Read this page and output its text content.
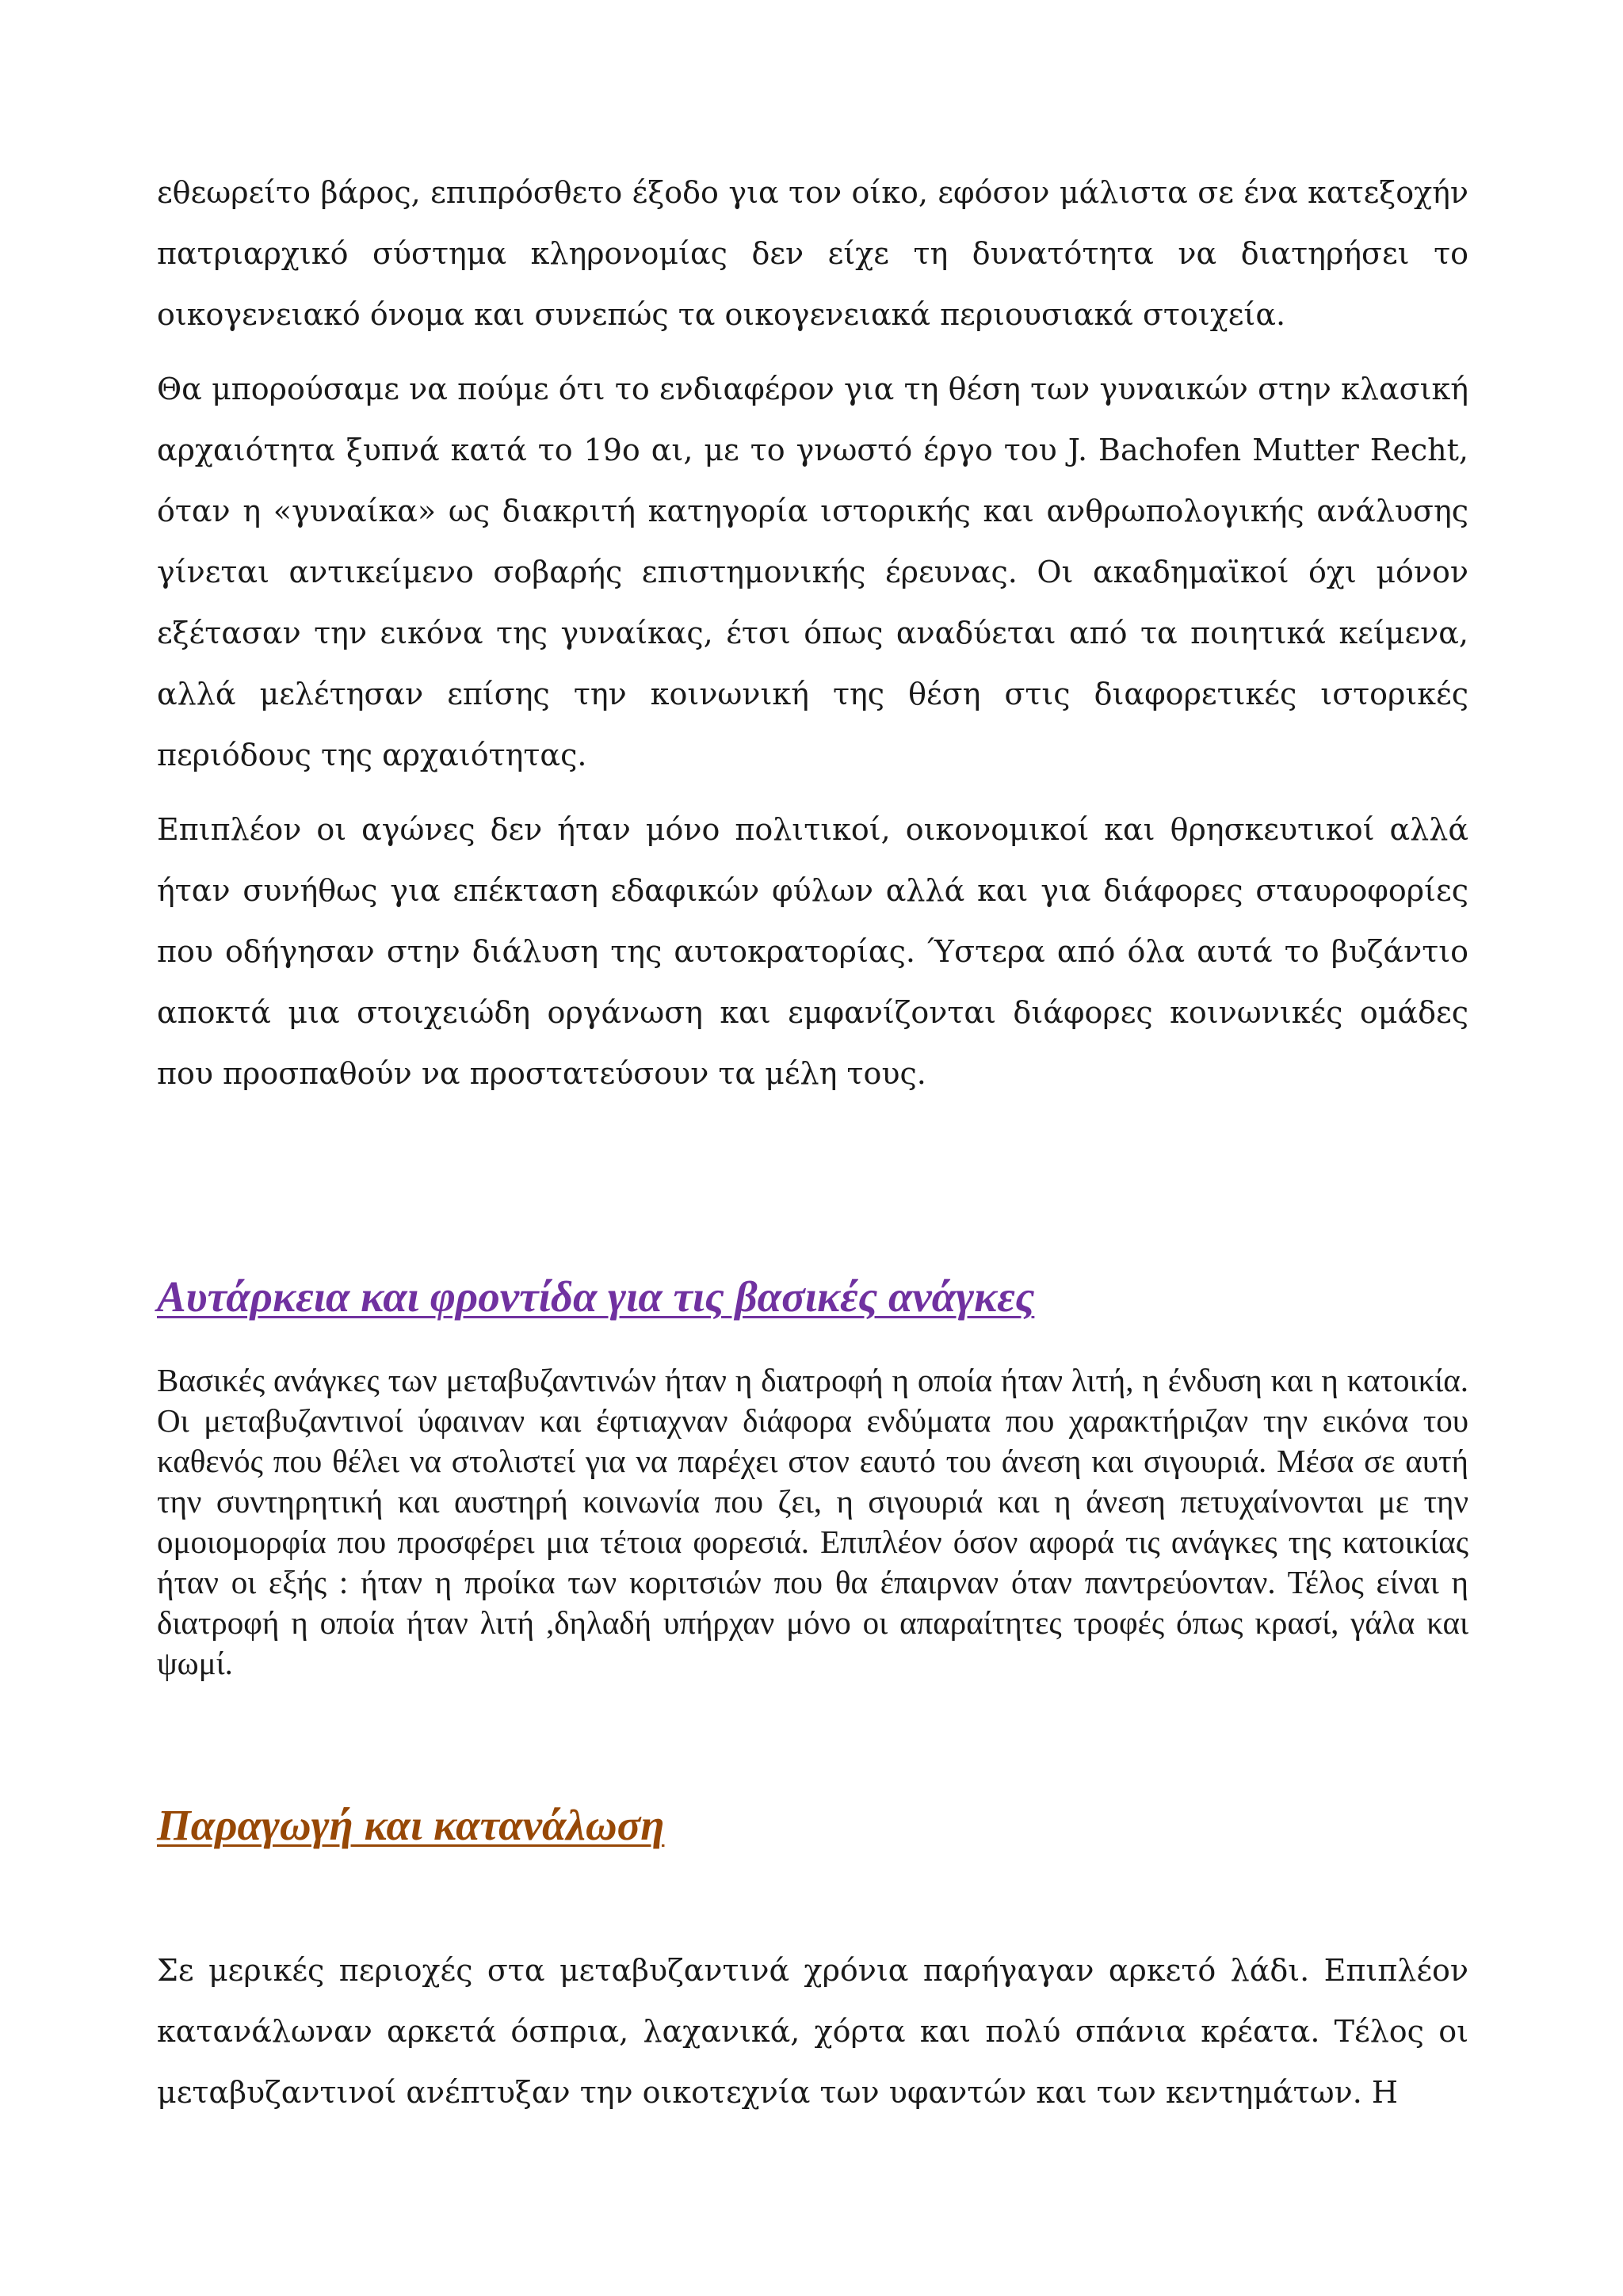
εθεωρείτο βάρος, επιπρόσθετο έξοδο για τον οίκο, εφόσον μάλιστα σε ένα κατεξοχήν πατριαρχικό σύστημα κληρονομίας δεν είχε τη δυνατότητα να διατηρήσει το οικογενειακό όνομα και συνεπώς τα οικογενειακά περιουσιακά στοιχεία.

Θα μπορούσαμε να πούμε ότι το ενδιαφέρον για τη θέση των γυναικών στην κλασική αρχαιότητα ξυπνά κατά το 19ο αι, με το γνωστό έργο του J. Bachofen Mutter Recht, όταν η «γυναίκα» ως διακριτή κατηγορία ιστορικής και ανθρωπολογικής ανάλυσης γίνεται αντικείμενο σοβαρής επιστημονικής έρευνας. Οι ακαδημαϊκοί όχι μόνον εξέτασαν την εικόνα της γυναίκας, έτσι όπως αναδύεται από τα ποιητικά κείμενα, αλλά μελέτησαν επίσης την κοινωνική της θέση στις διαφορετικές ιστορικές περιόδους της αρχαιότητας.

Επιπλέον οι αγώνες δεν ήταν μόνο πολιτικοί, οικονομικοί και θρησκευτικοί αλλά ήταν συνήθως για επέκταση εδαφικών φύλων αλλά και για διάφορες σταυροφορίες που οδήγησαν στην διάλυση της αυτοκρατορίας. Ύστερα από όλα αυτά το βυζάντιο αποκτά μια στοιχειώδη οργάνωση και εμφανίζονται διάφορες κοινωνικές ομάδες που προσπαθούν να προστατεύσουν τα μέλη τους.

Αυτάρκεια και φροντίδα για τις βασικές ανάγκες

Βασικές ανάγκες των μεταβυζαντινών ήταν η διατροφή η οποία ήταν λιτή, η ένδυση και η κατοικία. Οι μεταβυζαντινοί ύφαιναν και έφτιαχναν διάφορα ενδύματα που χαρακτήριζαν την εικόνα του καθενός που θέλει να στολιστεί για να παρέχει στον εαυτό του άνεση και σιγουριά. Μέσα σε αυτή την συντηρητική και αυστηρή κοινωνία που ζει, η σιγουριά και η άνεση πετυχαίνονται με την ομοιομορφία που προσφέρει μια τέτοια φορεσιά. Επιπλέον όσον αφορά τις ανάγκες της κατοικίας ήταν οι εξής : ήταν η προίκα των κοριτσιών που θα έπαιρναν όταν παντρεύονταν. Τέλος είναι η διατροφή η οποία ήταν λιτή ,δηλαδή υπήρχαν μόνο οι απαραίτητες τροφές όπως κρασί, γάλα και ψωμί.

Παραγωγή και κατανάλωση

Σε μερικές περιοχές στα μεταβυζαντινά χρόνια παρήγαγαν αρκετό λάδι. Επιπλέον κατανάλωναν αρκετά όσπρια, λαχανικά, χόρτα και πολύ σπάνια κρέατα. Τέλος οι μεταβυζαντινοί ανέπτυξαν την οικοτεχνία των υφαντών και των κεντημάτων. Η
